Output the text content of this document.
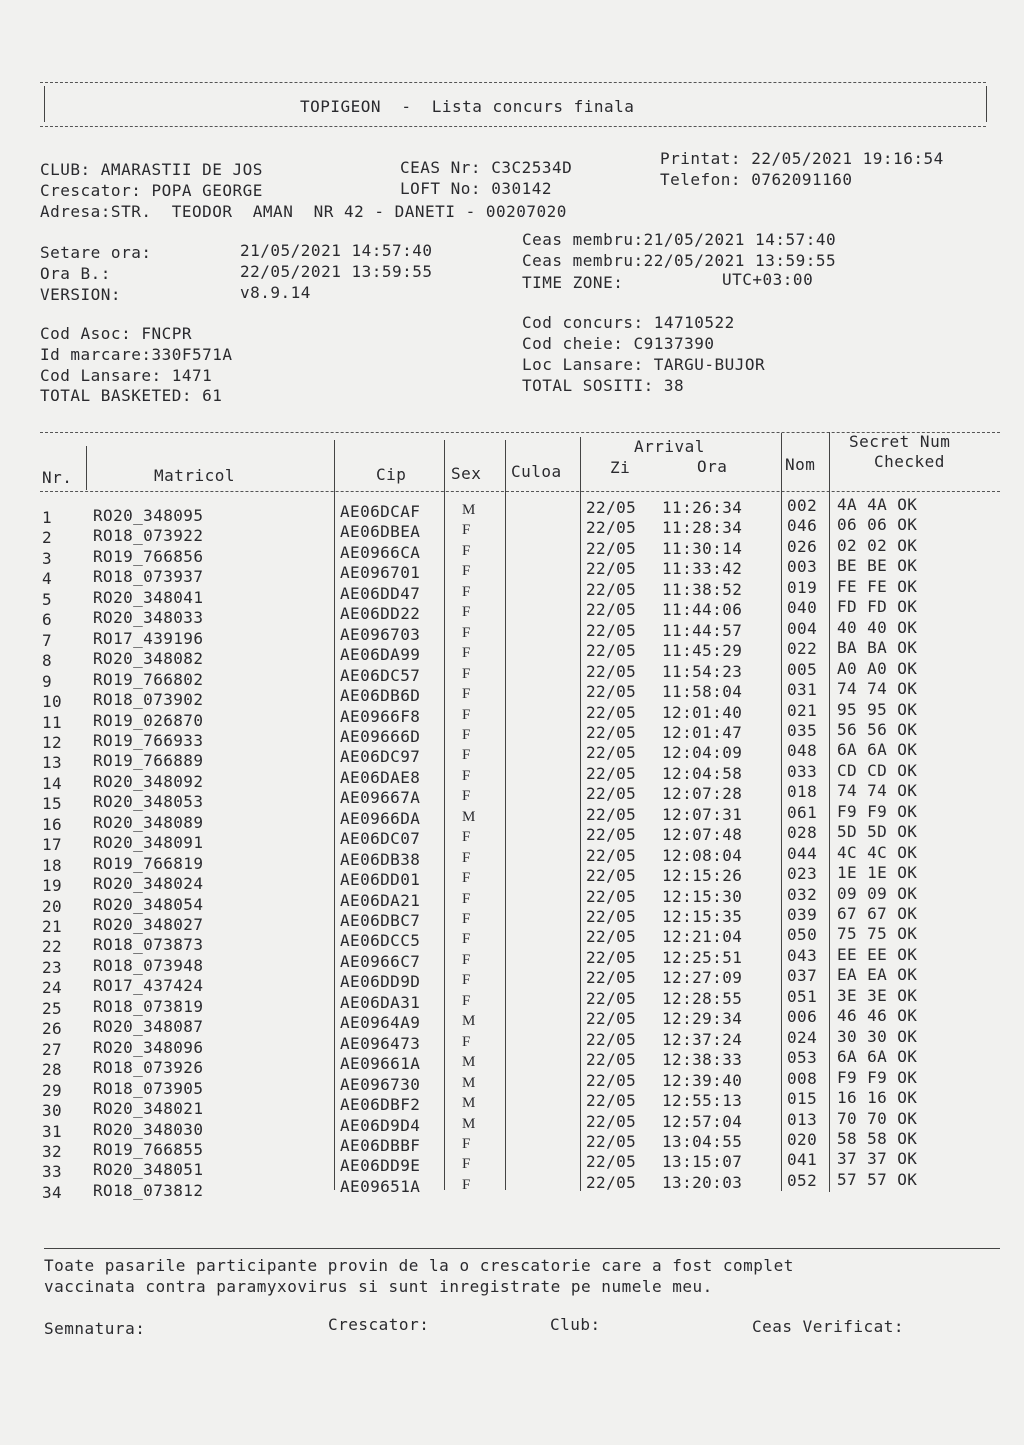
TOPIGEON  -  Lista concurs finala
CLUB: AMARASTII DE JOS
Crescator: POPA GEORGE
Adresa:STR.  TEODOR  AMAN  NR 42 - DANETI - 00207020
CEAS Nr: C3C2534D
LOFT No: 030142
Printat: 22/05/2021 19:16:54
Telefon: 0762091160
Setare ora:	21/05/2021 14:57:40
Ora B.:	22/05/2021 13:59:55
VERSION:	v8.9.14
Ceas membru:21/05/2021 14:57:40
Ceas membru:22/05/2021 13:59:55
TIME ZONE:	UTC+03:00
Cod Asoc: FNCPR
Id marcare:330F571A
Cod Lansare: 1471
TOTAL BASKETED: 61
Cod concurs: 14710522
Cod cheie: C9137390
Loc Lansare: TARGU-BUJOR
TOTAL SOSITI: 38
Nr.	Matricol	Cip	Sex Culoa
Arrival
Zi	Ora	Nom
Secret Num
Checked
1	RO20_348095	AE06DCAF	M	22/05 11:26:34	002 4A 4A OK
2	RO18_073922	AE06DBEA	F	22/05 11:28:34	046 06 06 OK
3	RO19_766856	AE0966CA	F	22/05 11:30:14	026 02 02 OK
4	RO18_073937	AE096701	F	22/05 11:33:42	003 BE BE OK
5	RO20_348041	AE06DD47	F	22/05 11:38:52	019 FE FE OK
6	RO20_348033	AE06DD22	F	22/05 11:44:06	040 FD FD OK
7	RO17_439196	AE096703	F	22/05 11:44:57	004 40 40 OK
8	RO20_348082	AE06DA99	F	22/05 11:45:29	022 BA BA OK
9	RO19_766802	AE06DC57	F	22/05 11:54:23	005 A0 A0 OK
10 RO18_073902	AE06DB6D	F	22/05 11:58:04	031 74 74 OK
11 RO19_026870	AE0966F8	F	22/05 12:01:40	021 95 95 OK
12 RO19_766933	AE09666D	F	22/05 12:01:47	035 56 56 OK
13 RO19_766889	AE06DC97	F	22/05 12:04:09	048 6A 6A OK
14 RO20_348092	AE06DAE8	F	22/05 12:04:58	033 CD CD OK
15 RO20_348053	AE09667A	F	22/05 12:07:28	018 74 74 OK
16 RO20_348089	AE0966DA	M	22/05 12:07:31	061 F9 F9 OK
17 RO20_348091	AE06DC07	F	22/05 12:07:48	028 5D 5D OK
18 RO19_766819	AE06DB38	F	22/05 12:08:04	044 4C 4C OK
19 RO20_348024	AE06DD01	F	22/05 12:15:26	023 1E 1E OK
20 RO20_348054	AE06DA21	F	22/05 12:15:30	032 09 09 OK
21 RO20_348027	AE06DBC7	F	22/05 12:15:35	039 67 67 OK
22 RO18_073873	AE06DCC5	F	22/05 12:21:04	050 75 75 OK
23 RO18_073948	AE0966C7	F	22/05 12:25:51	043 EE EE OK
24 RO17_437424	AE06DD9D	F	22/05 12:27:09	037 EA EA OK
25 RO18_073819	AE06DA31	F	22/05 12:28:55	051 3E 3E OK
26 RO20_348087	AE0964A9	M	22/05 12:29:34	006 46 46 OK
27 RO20_348096	AE096473	F	22/05 12:37:24	024 30 30 OK
28 RO18_073926	AE09661A	M	22/05 12:38:33	053 6A 6A OK
29 RO18_073905	AE096730	M	22/05 12:39:40	008 F9 F9 OK
30 RO20_348021	AE06DBF2	M	22/05 12:55:13	015 16 16 OK
31 RO20_348030	AE06D9D4	M	22/05 12:57:04	013 70 70 OK
32 RO19_766855	AE06DBBF	F	22/05 13:04:55	020 58 58 OK
33 RO20_348051	AE06DD9E	F	22/05 13:15:07	041 37 37 OK
34 RO18_073812	AE09651A	F	22/05 13:20:03	052 57 57 OK
Toate pasarile participante provin de la o crescatorie care a fost complet
vaccinata contra paramyxovirus si sunt inregistrate pe numele meu.
Semnatura:	Crescator:	Club:	Ceas Verificat:
